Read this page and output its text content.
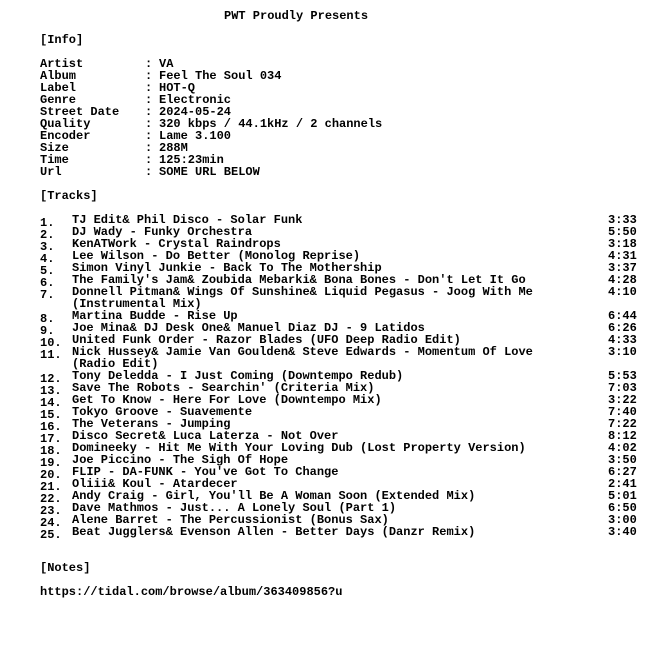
PWT Proudly Presents
[Info]
Artist	: VA
Album	: Feel The Soul 034
Label	: HOT-Q
Genre	: Electronic
Street Date : 2024-05-24
Quality	: 320 kbps / 44.1kHz / 2 channels
Encoder	: Lame 3.100
Size	: 288M
Time	: 125:23min
Url	: SOME URL BELOW
[Tracks]
1. TJ Edit& Phil Disco - Solar Funk	3:33
2. DJ Wady - Funky Orchestra	5:50
3. KenATWork - Crystal Raindrops	3:18
4. Lee Wilson - Do Better (Monolog Reprise)	4:31
5. Simon Vinyl Junkie - Back To The Mothership	3:37
6. The Family's Jam& Zoubida Mebarki& Bona Bones - Don't Let It Go	4:28
7. Donnell Pitman& Wings Of Sunshine& Liquid Pegasus - Joog With Me	4:10
(Instrumental Mix)
8. Martina Budde - Rise Up	6:44
9. Joe Mina& DJ Desk One& Manuel Diaz DJ - 9 Latidos	6:26
10. United Funk Order - Razor Blades (UFO Deep Radio Edit)	4:33
11. Nick Hussey& Jamie Van Goulden& Steve Edwards - Momentum Of Love	3:10
(Radio Edit)
12. Tony Deledda - I Just Coming (Downtempo Redub)	5:53
13. Save The Robots - Searchin' (Criteria Mix)	7:03
14. Get To Know - Here For Love (Downtempo Mix)	3:22
15. Tokyo Groove - Suavemente	7:40
16. The Veterans - Jumping	7:22
17. Disco Secret& Luca Laterza - Not Over	8:12
18. Domineeky - Hit Me With Your Loving Dub (Lost Property Version)	4:02
19. Joe Piccino - The Sigh Of Hope	3:50
20. FLIP - DA-FUNK - You've Got To Change	6:27
21. Oliii& Koul - Atardecer	2:41
22. Andy Craig - Girl, You'll Be A Woman Soon (Extended Mix)	5:01
23. Dave Mathmos - Just... A Lonely Soul (Part 1)	6:50
24. Alene Barret - The Percussionist (Bonus Sax)	3:00
25. Beat Jugglers& Evenson Allen - Better Days (Danzr Remix)	3:40
[Notes]
https://tidal.com/browse/album/363409856?u
